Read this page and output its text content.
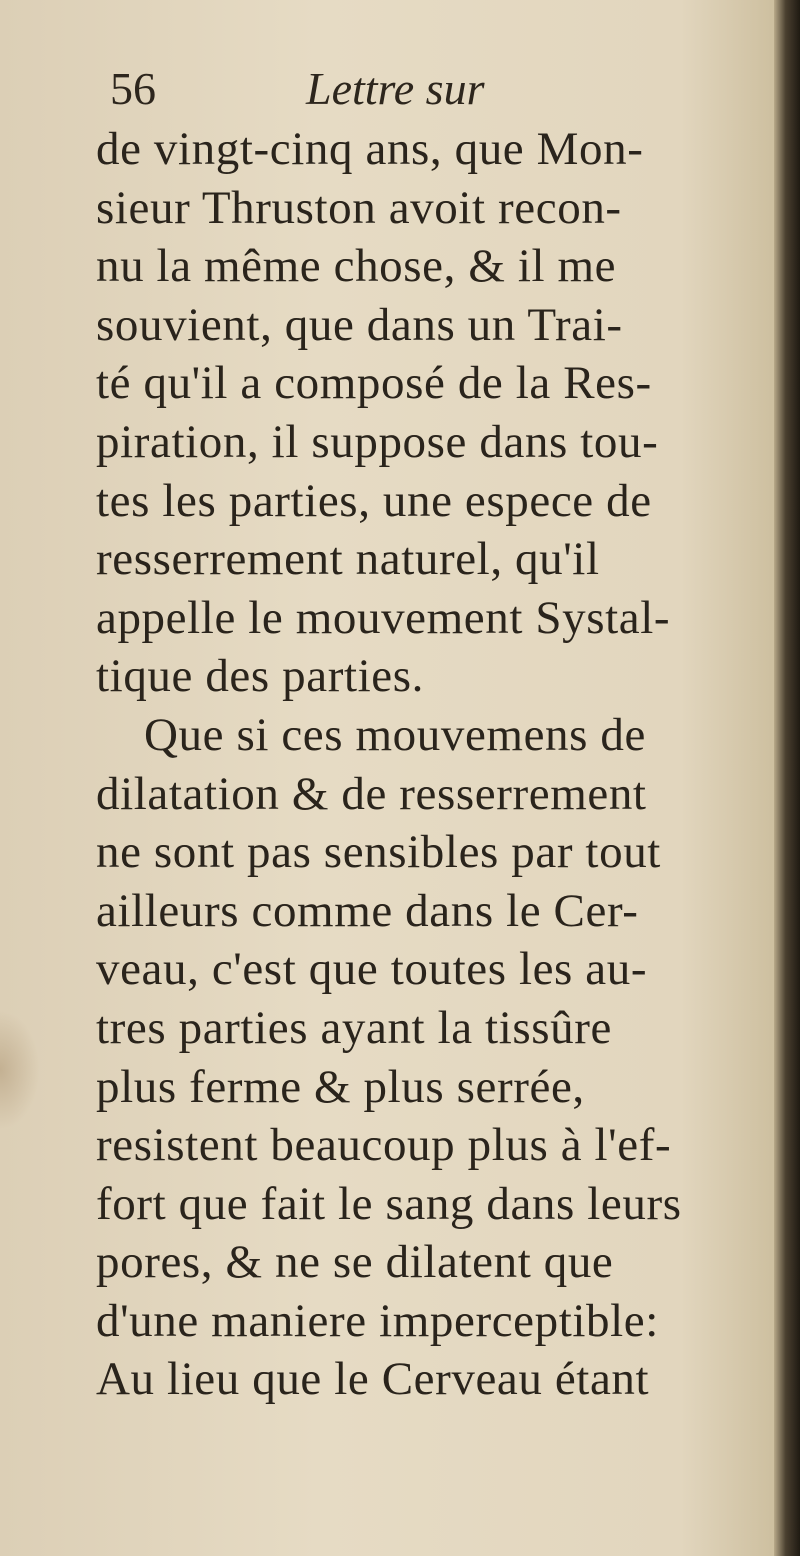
56	Lettre sur
de vingt-cinq ans, que Mon-
sieur Thruston avoit recon-
nu la même chose, & il me
souvient, que dans un Trai-
té qu'il a composé de la Res-
piration, il suppose dans tou-
tes les parties, une espece de
resserrement naturel, qu'il
appelle le mouvement Systal-
tique des parties.
Que si ces mouvemens de
dilatation & de resserrement
ne sont pas sensibles par tout
ailleurs comme dans le Cer-
veau, c'est que toutes les au-
tres parties ayant la tissûre
plus ferme & plus serrée,
resistent beaucoup plus à l'ef-
fort que fait le sang dans leurs
pores, & ne se dilatent que
d'une maniere imperceptible:
Au lieu que le Cerveau étant
